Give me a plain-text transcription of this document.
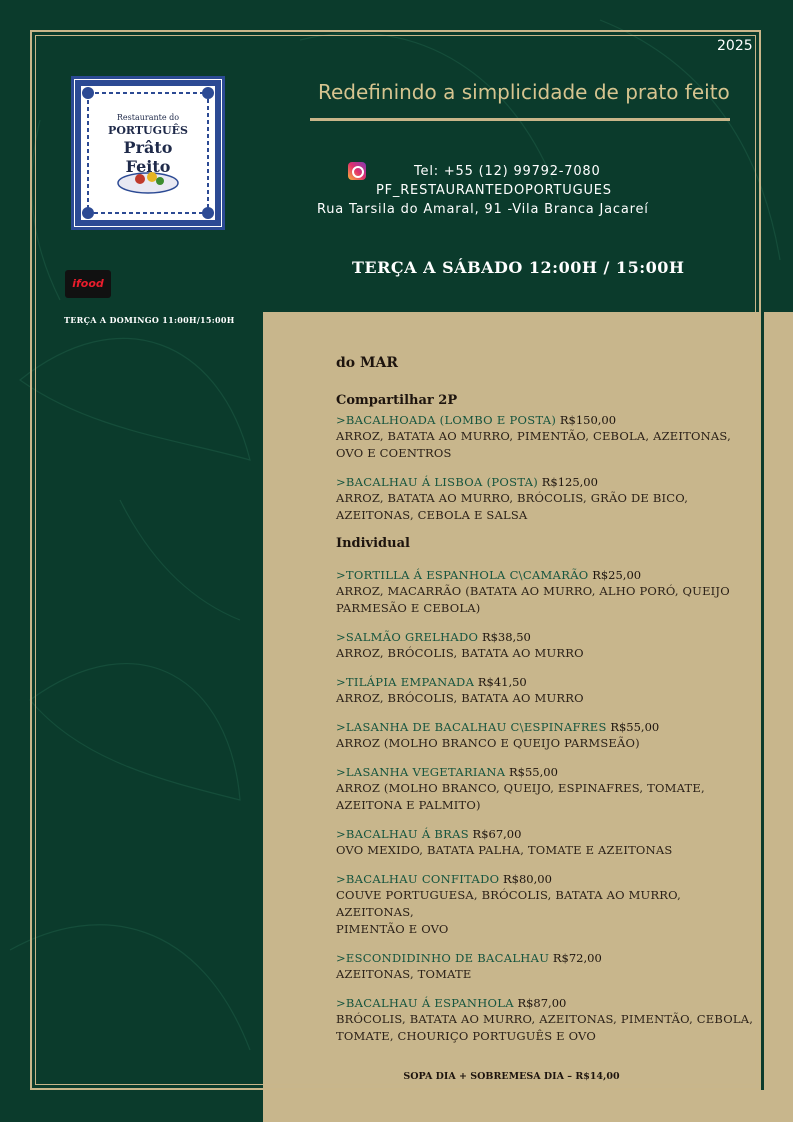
2025
Restaurante do
PORTUGUÊS
Prâto Feito
Redefinindo a simplicidade de prato feito
Tel: +55 (12) 99792-7080
PF_RESTAURANTEDOPORTUGUES
Rua Tarsila do Amaral, 91 -Vila Branca Jacareí
TERÇA A SÁBADO 12:00H / 15:00H
ifood
TERÇA A DOMINGO 11:00H/15:00H
do MAR
Compartilhar 2P
>BACALHOADA (LOMBO E POSTA) R$150,00
ARROZ, BATATA AO MURRO, PIMENTÃO, CEBOLA, AZEITONAS,
OVO E COENTROS
>BACALHAU Á LISBOA (POSTA) R$125,00
ARROZ, BATATA AO MURRO, BRÓCOLIS, GRÃO DE BICO,
AZEITONAS, CEBOLA E SALSA
Individual
>TORTILLA Á ESPANHOLA C\CAMARÃO R$25,00
ARROZ, MACARRÃO (BATATA AO MURRO, ALHO PORÓ, QUEIJO
PARMESÃO E CEBOLA)
>SALMÃO GRELHADO R$38,50
ARROZ, BRÓCOLIS, BATATA AO MURRO
>TILÁPIA EMPANADA R$41,50
ARROZ, BRÓCOLIS, BATATA AO MURRO
>LASANHA DE BACALHAU C\ESPINAFRES R$55,00
ARROZ (MOLHO BRANCO E QUEIJO PARMSEÃO)
>LASANHA VEGETARIANA R$55,00
ARROZ (MOLHO BRANCO, QUEIJO, ESPINAFRES, TOMATE,
AZEITONA E PALMITO)
>BACALHAU Á BRAS R$67,00
OVO MEXIDO, BATATA PALHA, TOMATE E AZEITONAS
>BACALHAU CONFITADO R$80,00
COUVE PORTUGUESA, BRÓCOLIS, BATATA AO MURRO, AZEITONAS,
PIMENTÃO E OVO
>ESCONDIDINHO DE BACALHAU R$72,00
AZEITONAS, TOMATE
>BACALHAU Á ESPANHOLA R$87,00
BRÓCOLIS, BATATA AO MURRO, AZEITONAS, PIMENTÃO, CEBOLA,
TOMATE, CHOURIÇO PORTUGUÊS E OVO
SOPA DIA + SOBREMESA DIA – R$14,00
